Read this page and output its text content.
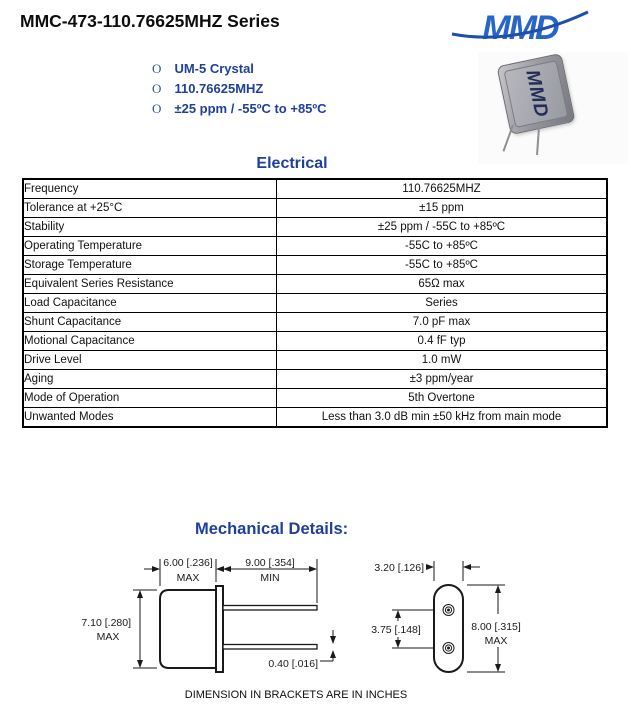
MMC-473-110.76625MHZ Series	MMD
O UM-5 Crystal
O 110.76625MHZ
O ±25 ppm / -55ºC to +85ºC	MMD
Electrical
Frequency	110.76625MHZ
Tolerance at +25°C	±15 ppm
Stability	±25 ppm / -55C to +85ºC
Operating Temperature	-55C to +85ºC
Storage Temperature	-55C to +85ºC
Equivalent Series Resistance	65Ω max
Load Capacitance	Series
Shunt Capacitance	7.0 pF max
Motional Capacitance	0.4 fF typ
Drive Level	1.0 mW
Aging	±3 ppm/year
Mode of Operation	5th Overtone
Unwanted Modes	Less than 3.0 dB min ±50 kHz from main mode
Mechanical Details:
6.00 [.236]
MAX
9.00 [.354]
MIN
7.10 [.280]
MAX
0.40 [.016]
3.20 [.126]
3.75 [.148]	8.00 [.315]
MAX
DIMENSION IN BRACKETS ARE IN INCHES
